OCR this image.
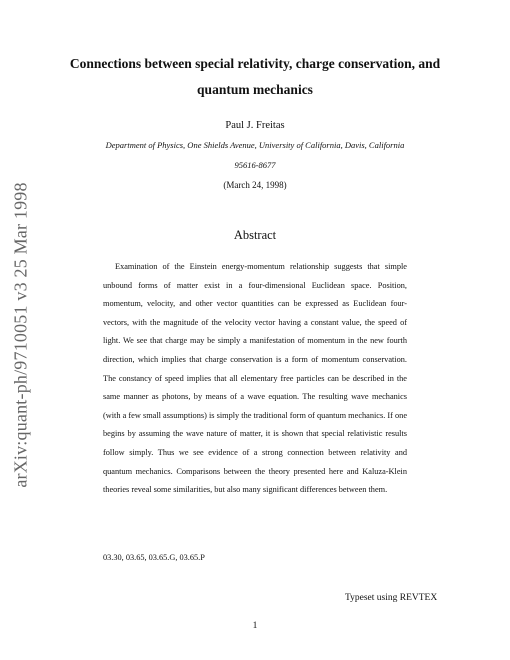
arXiv:quant-ph/9710051 v3 25 Mar 1998
Connections between special relativity, charge conservation, and
quantum mechanics
Paul J. Freitas
Department of Physics, One Shields Avenue, University of California, Davis, California
95616-8677
(March 24, 1998)
Abstract
Examination of the Einstein energy-momentum relationship suggests that simple unbound forms of matter exist in a four-dimensional Euclidean space. Position, momentum, velocity, and other vector quantities can be expressed as Euclidean four-vectors, with the magnitude of the velocity vector having a constant value, the speed of light. We see that charge may be simply a manifestation of momentum in the new fourth direction, which implies that charge conservation is a form of momentum conservation. The constancy of speed implies that all elementary free particles can be described in the same manner as photons, by means of a wave equation. The resulting wave mechanics (with a few small assumptions) is simply the traditional form of quantum mechanics. If one begins by assuming the wave nature of matter, it is shown that special relativistic results follow simply. Thus we see evidence of a strong connection between relativity and quantum mechanics. Comparisons between the theory presented here and Kaluza-Klein theories reveal some similarities, but also many significant differences between them.
03.30, 03.65, 03.65.G, 03.65.P
Typeset using REVTEX
1
